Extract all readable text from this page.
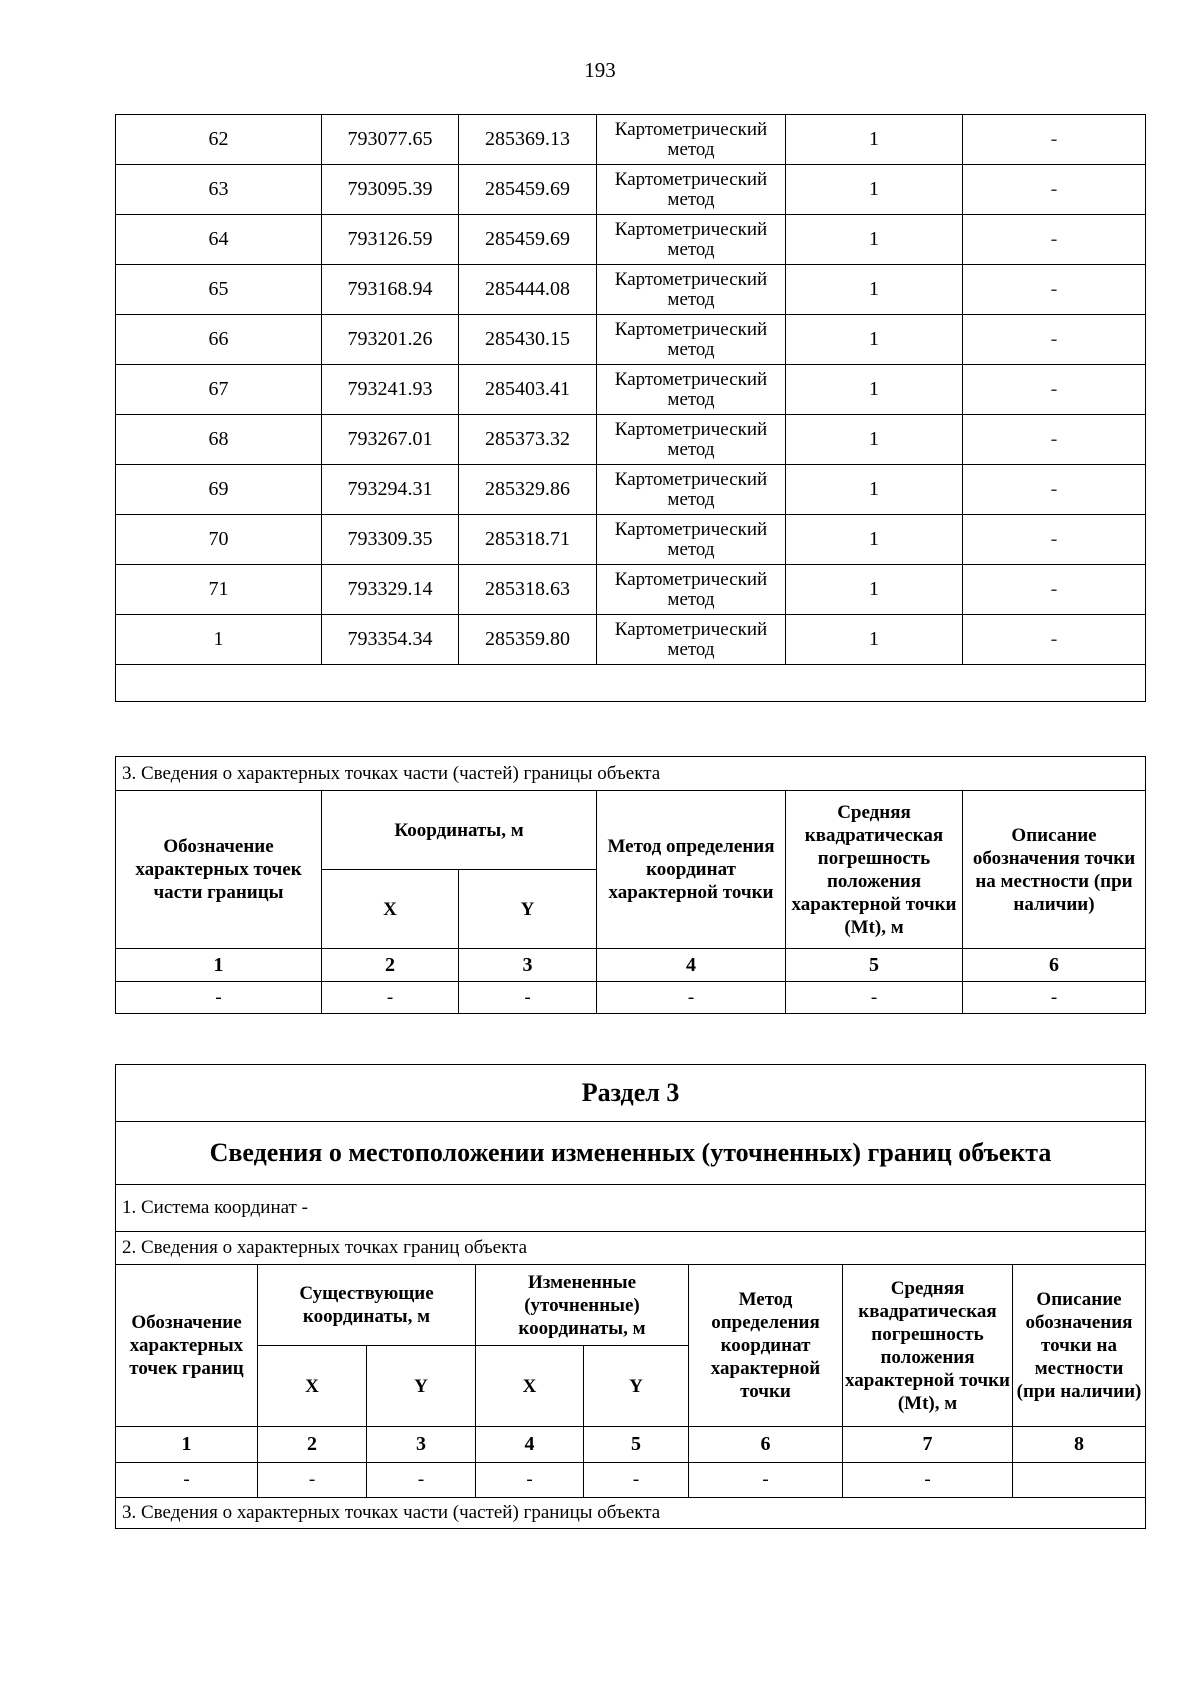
193
62	793077.65	285369.13	Картометрический метод	1	-
63	793095.39	285459.69	Картометрический метод	1	-
64	793126.59	285459.69	Картометрический метод	1	-
65	793168.94	285444.08	Картометрический метод	1	-
66	793201.26	285430.15	Картометрический метод	1	-
67	793241.93	285403.41	Картометрический метод	1	-
68	793267.01	285373.32	Картометрический метод	1	-
69	793294.31	285329.86	Картометрический метод	1	-
70	793309.35	285318.71	Картометрический метод	1	-
71	793329.14	285318.63	Картометрический метод	1	-
1	793354.34	285359.80	Картометрический метод	1	-

3. Сведения о характерных точках части (частей) границы объекта					
Обозначение характерных точек части границы	Координаты, м		Метод определения координат характерной точки	Средняя квадратическая погрешность положения характерной точки (Mt), м	Описание обозначения точки на местности (при наличии)
	X	Y			
1	2	3	4	5	6
-	-	-	-	-	-
Раздел 3							
Сведения о местоположении измененных (уточненных) границ объекта							
1. Система координат -							
2. Сведения о характерных точках границ объекта							
Обозначение характерных точек границ	Существующие координаты, м		Измененные (уточненные) координаты, м		Метод определения координат характерной точки	Средняя квадратическая погрешность положения характерной точки (Mt), м	Описание обозначения точки на местности (при наличии)
	X	Y	X	Y			
1	2	3	4	5	6	7	8
-	-	-	-	-	-	-	
3. Сведения о характерных точках части (частей) границы объекта							
